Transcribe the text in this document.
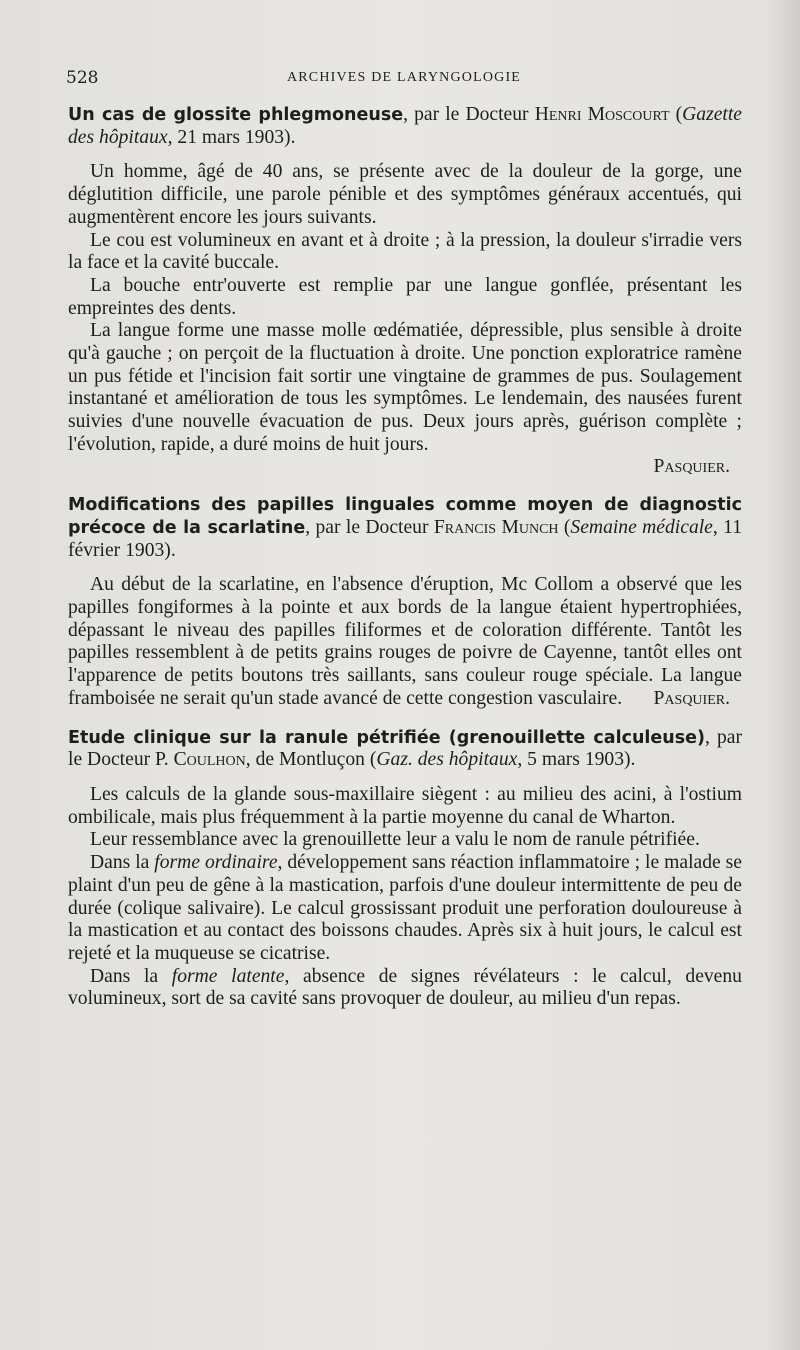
528	ARCHIVES DE LARYNGOLOGIE
Un cas de glossite phlegmoneuse, par le Docteur Henri Moscourt (Gazette des hôpitaux, 21 mars 1903).

Un homme, âgé de 40 ans, se présente avec de la douleur de la gorge, une déglutition difficile, une parole pénible et des symptômes généraux accentués, qui augmentèrent encore les jours suivants.

Le cou est volumineux en avant et à droite ; à la pression, la douleur s'irradie vers la face et la cavité buccale.

La bouche entr'ouverte est remplie par une langue gonflée, présentant les empreintes des dents.

La langue forme une masse molle œdématiée, dépressible, plus sensible à droite qu'à gauche ; on perçoit de la fluctuation à droite. Une ponction exploratrice ramène un pus fétide et l'incision fait sortir une vingtaine de grammes de pus. Soulagement instantané et amélioration de tous les symptômes. Le lendemain, des nausées furent suivies d'une nouvelle évacuation de pus. Deux jours après, guérison complète ; l'évolution, rapide, a duré moins de huit jours.

Pasquier.
Modifications des papilles linguales comme moyen de diagnostic précoce de la scarlatine, par le Docteur Francis Munch (Semaine médicale, 11 février 1903).

Au début de la scarlatine, en l'absence d'éruption, Mc Collom a observé que les papilles fongiformes à la pointe et aux bords de la langue étaient hypertrophiées, dépassant le niveau des papilles filiformes et de coloration différente. Tantôt les papilles ressemblent à de petits grains rouges de poivre de Cayenne, tantôt elles ont l'apparence de petits boutons très saillants, sans couleur rouge spéciale. La langue framboisée ne serait qu'un stade avancé de cette congestion vasculaire.	Pasquier.
Etude clinique sur la ranule pétrifiée (grenouillette calculeuse), par le Docteur P. Coulhon, de Montluçon (Gaz. des hôpitaux, 5 mars 1903).

Les calculs de la glande sous-maxillaire siègent : au milieu des acini, à l'ostium ombilicale, mais plus fréquemment à la partie moyenne du canal de Wharton.

Leur ressemblance avec la grenouillette leur a valu le nom de ranule pétrifiée.

Dans la forme ordinaire, développement sans réaction inflammatoire ; le malade se plaint d'un peu de gêne à la mastication, parfois d'une douleur intermittente de peu de durée (colique salivaire). Le calcul grossissant produit une perforation douloureuse à la mastication et au contact des boissons chaudes. Après six à huit jours, le calcul est rejeté et la muqueuse se cicatrise.

Dans la forme latente, absence de signes révélateurs : le calcul, devenu volumineux, sort de sa cavité sans provoquer de douleur, au milieu d'un repas.
